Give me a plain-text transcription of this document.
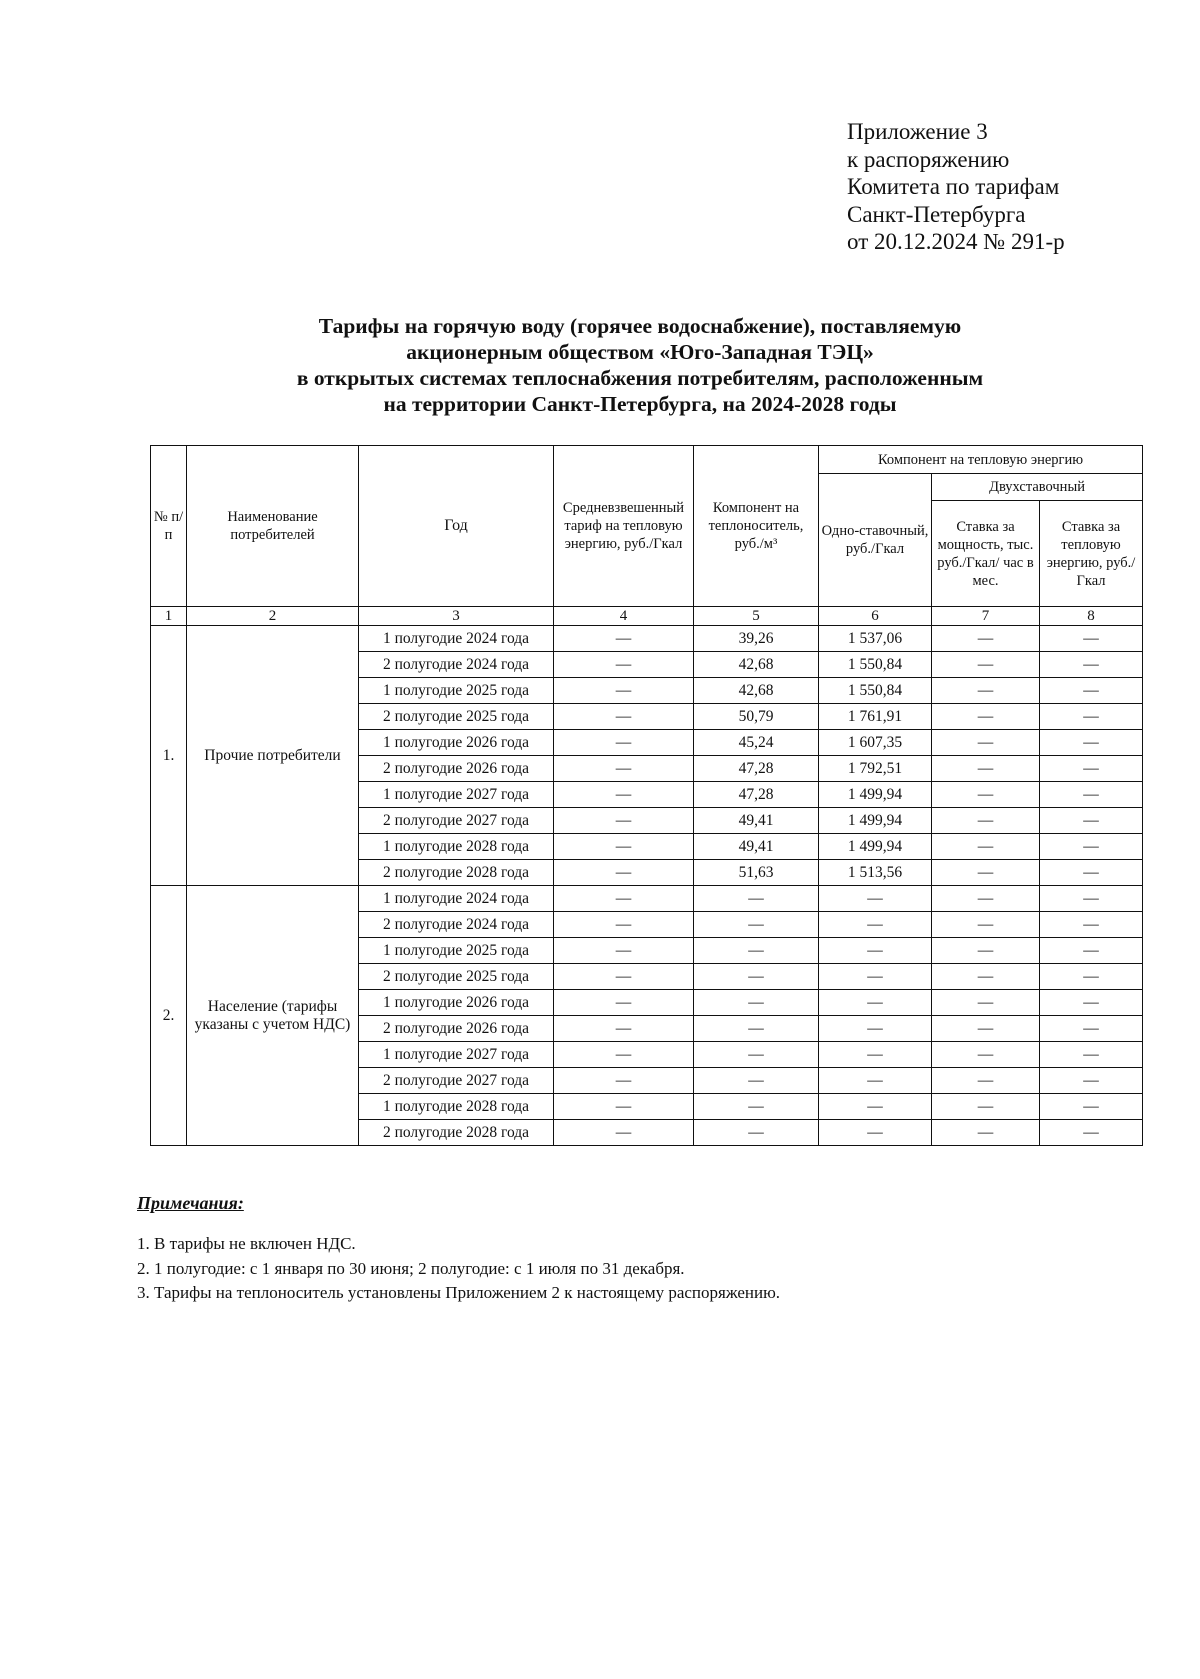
Приложение 3
к распоряжению
Комитета по тарифам
Санкт-Петербурга
от 20.12.2024 № 291-р
Тарифы на горячую воду (горячее водоснабжение), поставляемую
акционерным обществом «Юго-Западная ТЭЦ»
в открытых системах теплоснабжения потребителям, расположенным
на территории Санкт-Петербурга, на 2024-2028 годы
№ п/п	Наименование потребителей	Год	Средневзвешенный тариф на тепловую энергию, руб./Гкал	Компонент на теплоноситель, руб./м³	Компонент на тепловую энергию		
					Одно-ставочный, руб./Гкал	Двухставочный	
						Ставка за мощность, тыс. руб./Гкал/ час в мес.	Ставка за тепловую энергию, руб./Гкал
1	2	3	4	5	6	7	8
1.	Прочие потребители	1 полугодие 2024 года	—	39,26	1 537,06	—	—
		2 полугодие 2024 года	—	42,68	1 550,84	—	—
		1 полугодие 2025 года	—	42,68	1 550,84	—	—
		2 полугодие 2025 года	—	50,79	1 761,91	—	—
		1 полугодие 2026 года	—	45,24	1 607,35	—	—
		2 полугодие 2026 года	—	47,28	1 792,51	—	—
		1 полугодие 2027 года	—	47,28	1 499,94	—	—
		2 полугодие 2027 года	—	49,41	1 499,94	—	—
		1 полугодие 2028 года	—	49,41	1 499,94	—	—
		2 полугодие 2028 года	—	51,63	1 513,56	—	—
2.	Население (тарифы указаны с учетом НДС)	1 полугодие 2024 года	—	—	—	—	—
		2 полугодие 2024 года	—	—	—	—	—
		1 полугодие 2025 года	—	—	—	—	—
		2 полугодие 2025 года	—	—	—	—	—
		1 полугодие 2026 года	—	—	—	—	—
		2 полугодие 2026 года	—	—	—	—	—
		1 полугодие 2027 года	—	—	—	—	—
		2 полугодие 2027 года	—	—	—	—	—
		1 полугодие 2028 года	—	—	—	—	—
		2 полугодие 2028 года	—	—	—	—	—
Примечания:
1. В тарифы не включен НДС.
2. 1 полугодие: с 1 января по 30 июня; 2 полугодие: с 1 июля по 31 декабря.
3. Тарифы на теплоноситель установлены Приложением 2 к настоящему распоряжению.
